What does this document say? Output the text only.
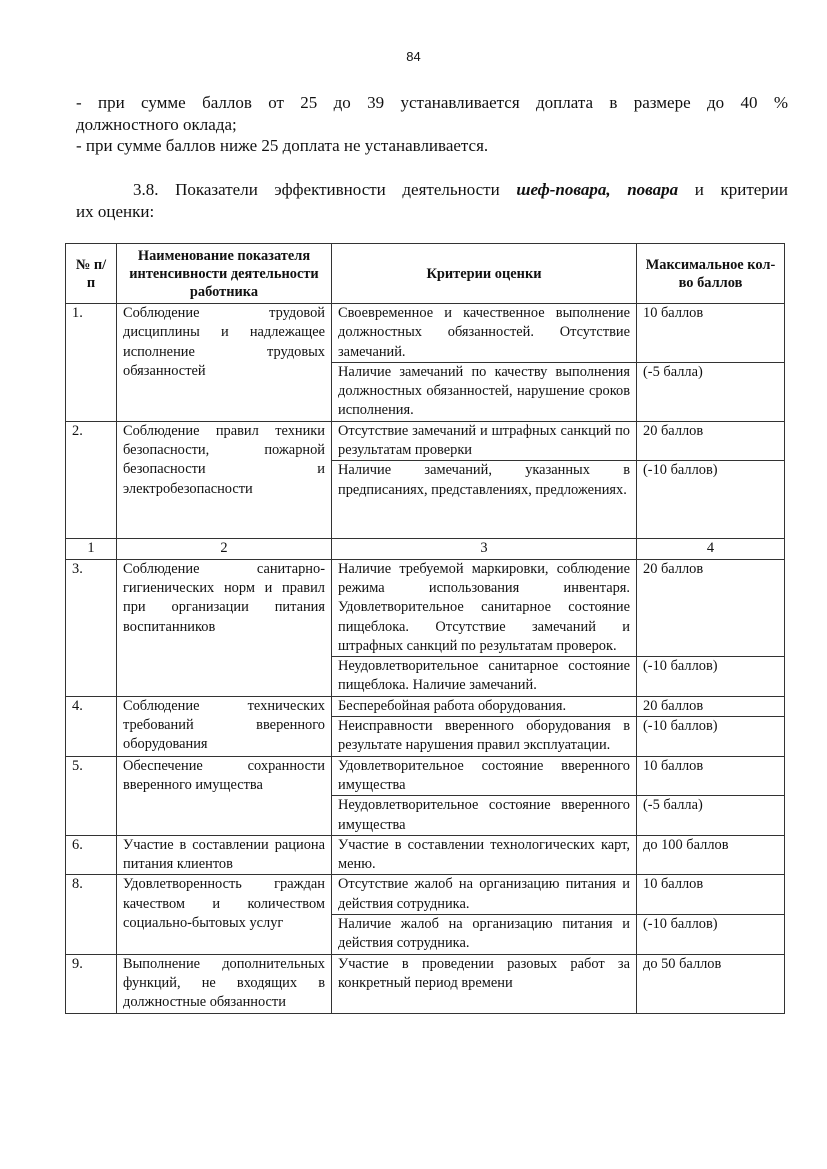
84
- при сумме баллов от 25 до 39 устанавливается доплата в размере до 40 %
должностного оклада;
- при сумме баллов ниже 25 доплата не устанавливается.
3.8. Показатели эффективности деятельности шеф-повара, повара и критерии
их оценки:
№ п/п	Наименование показателя интенсивности деятельности работника	Критерии оценки	Максимальное кол-во баллов
1.	Соблюдение трудовой дисциплины и надлежащее исполнение трудовых обязанностей	Своевременное и качественное выполнение должностных обязанностей. Отсутствие замечаний.	10 баллов
		Наличие замечаний по качеству выполнения должностных обязанностей, нарушение сроков исполнения.	(-5 балла)
2.	Соблюдение правил техники безопасности, пожарной безопасности и электробезопасности	Отсутствие замечаний и штрафных санкций по результатам проверки	20 баллов
		Наличие замечаний, указанных в предписаниях, представлениях, предложениях.	(-10 баллов)
1	2	3	4
3.	Соблюдение санитарно-гигиенических норм и правил при организации питания воспитанников	Наличие требуемой маркировки, соблюдение режима использования инвентаря. Удовлетворительное санитарное состояние пищеблока. Отсутствие замечаний и штрафных санкций по результатам проверок.	20 баллов
		Неудовлетворительное санитарное состояние пищеблока. Наличие замечаний.	(-10 баллов)
4.	Соблюдение технических требований вверенного оборудования	Бесперебойная работа оборудования.	20 баллов
		Неисправности вверенного оборудования в результате нарушения правил эксплуатации.	(-10 баллов)
5.	Обеспечение сохранности вверенного имущества	Удовлетворительное состояние вверенного имущества	10 баллов
		Неудовлетворительное состояние вверенного имущества	(-5 балла)
6.	Участие в составлении рациона питания клиентов	Участие в составлении технологических карт, меню.	до 100 баллов
8.	Удовлетворенность граждан качеством и количеством социально-бытовых услуг	Отсутствие жалоб на организацию питания и действия сотрудника.	10 баллов
		Наличие жалоб на организацию питания и действия сотрудника.	(-10 баллов)
9.	Выполнение дополнительных функций, не входящих в должностные обязанности	Участие в проведении разовых работ за конкретный период времени	до 50 баллов
